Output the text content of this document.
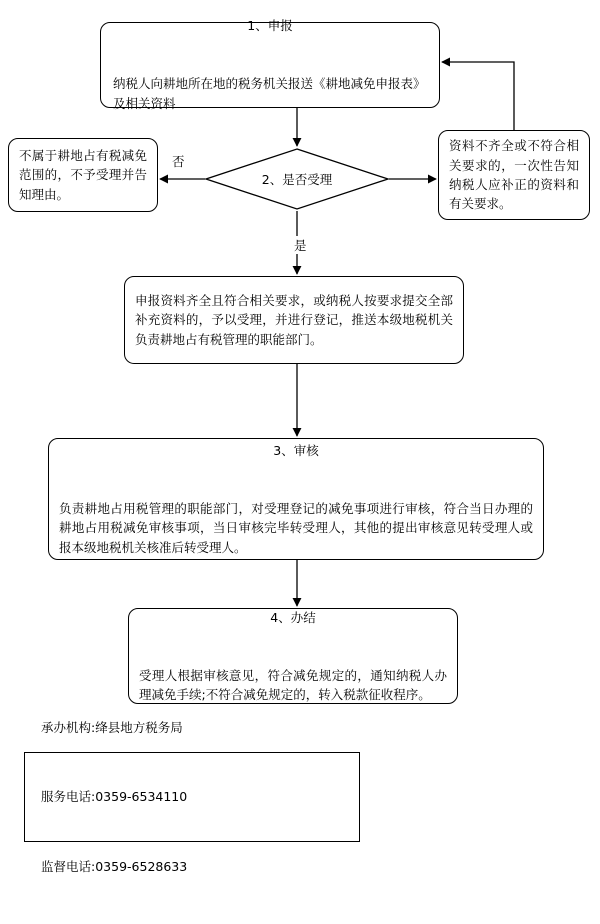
1、申报

纳税人向耕地所在地的税务机关报送《耕地减免申报表》及相关资料

不属于耕地占有税减免范围的，不予受理并告知理由。
2、是否受理
资料不齐全或不符合相关要求的，一次性告知纳税人应补正的资料和有关要求。
申报资料齐全且符合相关要求，或纳税人按要求提交全部补充资料的，予以受理，并进行登记，推送本级地税机关负责耕地占有税管理的职能部门。

3、审核

负责耕地占用税管理的职能部门，对受理登记的减免事项进行审核，符合当日办理的耕地占用税减免审核事项，当日审核完毕转受理人，其他的提出审核意见转受理人或报本级地税机关核准后转受理人。

4、办结

受理人根据审核意见，符合减免规定的，通知纳税人办理减免手续;不符合减免规定的，转入税款征收程序。

承办机构:绛县地方税务局

服务电话:0359-6534110

监督电话:0359-6528633

否
是
